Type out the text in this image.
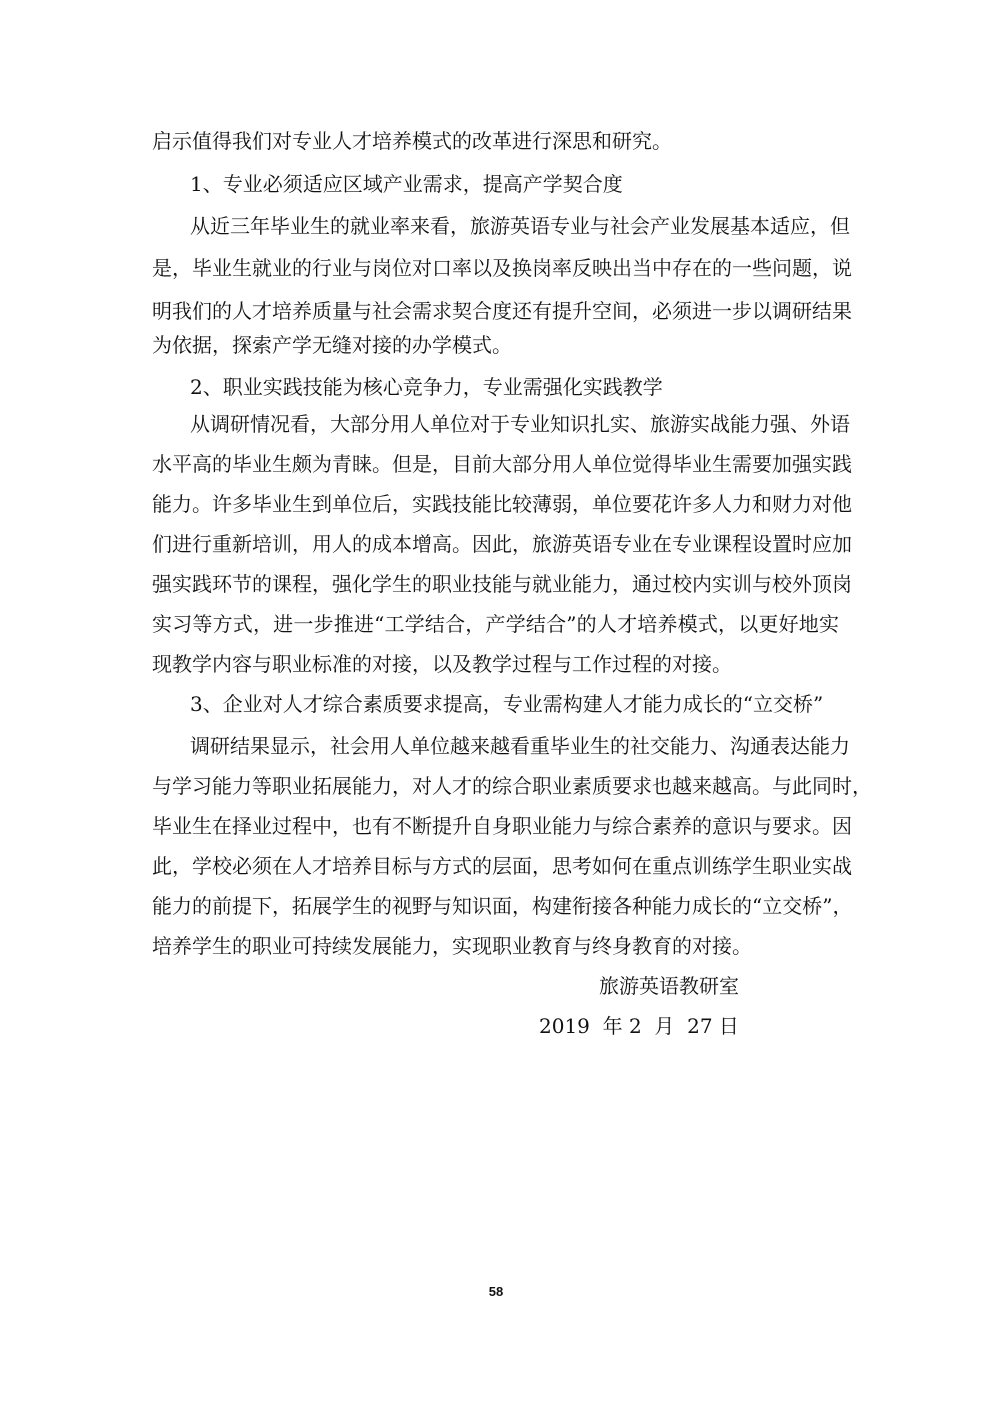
启示值得我们对专业人才培养模式的改革进行深思和研究。
1、专业必须适应区域产业需求，提高产学契合度
从近三年毕业生的就业率来看，旅游英语专业与社会产业发展基本适应，但
是，毕业生就业的行业与岗位对口率以及换岗率反映出当中存在的一些问题，说
明我们的人才培养质量与社会需求契合度还有提升空间，必须进一步以调研结果
为依据，探索产学无缝对接的办学模式。
2、职业实践技能为核心竞争力，专业需强化实践教学
从调研情况看，大部分用人单位对于专业知识扎实、旅游实战能力强、外语
水平高的毕业生颇为青睐。但是，目前大部分用人单位觉得毕业生需要加强实践
能力。许多毕业生到单位后，实践技能比较薄弱，单位要花许多人力和财力对他
们进行重新培训，用人的成本增高。因此，旅游英语专业在专业课程设置时应加
强实践环节的课程，强化学生的职业技能与就业能力，通过校内实训与校外顶岗
实习等方式，进一步推进“工学结合，产学结合”的人才培养模式，以更好地实
现教学内容与职业标准的对接，以及教学过程与工作过程的对接。
3、企业对人才综合素质要求提高，专业需构建人才能力成长的“立交桥”
调研结果显示，社会用人单位越来越看重毕业生的社交能力、沟通表达能力
与学习能力等职业拓展能力，对人才的综合职业素质要求也越来越高。与此同时，
毕业生在择业过程中，也有不断提升自身职业能力与综合素养的意识与要求。因
此，学校必须在人才培养目标与方式的层面，思考如何在重点训练学生职业实战
能力的前提下，拓展学生的视野与知识面，构建衔接各种能力成长的“立交桥”，
培养学生的职业可持续发展能力，实现职业教育与终身教育的对接。
旅游英语教研室
2019  年 2  月  27 日
58
